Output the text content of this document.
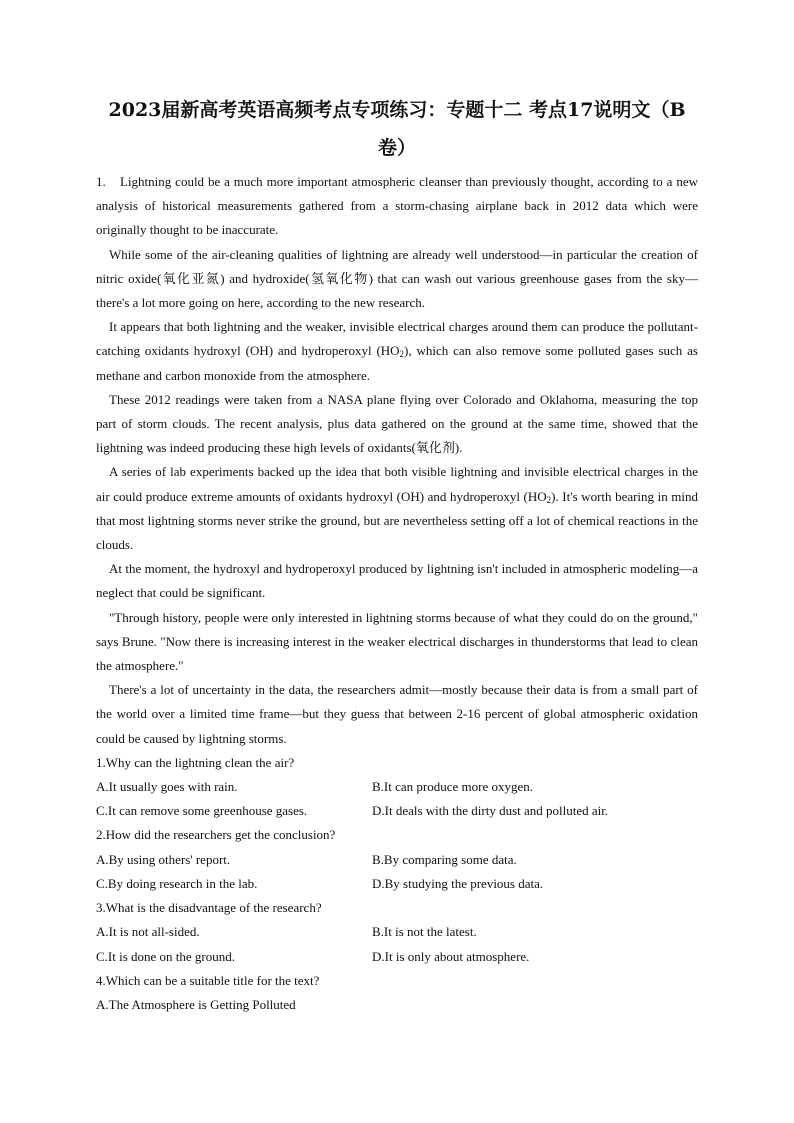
2023届新高考英语高频考点专项练习：专题十二 考点17说明文（B
卷）

1. Lightning could be a much more important atmospheric cleanser than previously thought, according to a new analysis of historical measurements gathered from a storm-chasing airplane back in 2012 data which were originally thought to be inaccurate.

While some of the air-cleaning qualities of lightning are already well understood—in particular the creation of nitric oxide(氧化亚氮) and hydroxide(氢氧化物) that can wash out various greenhouse gases from the sky—there's a lot more going on here, according to the new research.

It appears that both lightning and the weaker, invisible electrical charges around them can produce the pollutant-catching oxidants hydroxyl (OH) and hydroperoxyl $(HO_2)$, which can also remove some polluted gases such as methane and carbon monoxide from the atmosphere.

These 2012 readings were taken from a NASA plane flying over Colorado and Oklahoma, measuring the top part of storm clouds. The recent analysis, plus data gathered on the ground at the same time, showed that the lightning was indeed producing these high levels of oxidants(氧化剂).

A series of lab experiments backed up the idea that both visible lightning and invisible electrical charges in the air could produce extreme amounts of oxidants hydroxyl (OH) and hydroperoxyl $(HO_2)$. It's worth bearing in mind that most lightning storms never strike the ground, but are nevertheless setting off a lot of chemical reactions in the clouds.

At the moment, the hydroxyl and hydroperoxyl produced by lightning isn't included in atmospheric modeling—a neglect that could be significant.

"Through history, people were only interested in lightning storms because of what they could do on the ground," says Brune. "Now there is increasing interest in the weaker electrical discharges in thunderstorms that lead to clean the atmosphere."

There's a lot of uncertainty in the data, the researchers admit—mostly because their data is from a small part of the world over a limited time frame—but they guess that between 2-16 percent of global atmospheric oxidation could be caused by lightning storms.

1.Why can the lightning clean the air?

A.It usually goes with rain.	B.It can produce more oxygen.

C.It can remove some greenhouse gases.	D.It deals with the dirty dust and polluted air.

2.How did the researchers get the conclusion?

A.By using others' report.	B.By comparing some data.

C.By doing research in the lab.	D.By studying the previous data.

3.What is the disadvantage of the research?

A.It is not all-sided.	B.It is not the latest.

C.It is done on the ground.	D.It is only about atmosphere.

4.Which can be a suitable title for the text?

A.The Atmosphere is Getting Polluted
